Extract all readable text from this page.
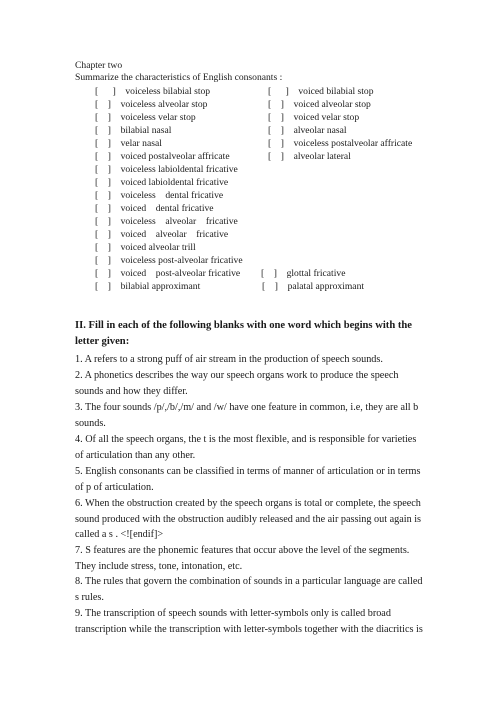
Chapter two
Summarize the characteristics of English consonants :
[      ]    voiceless bilabial stop	[      ]    voiced bilabial stop
[    ]    voiceless alveolar stop	[    ]    voiced alveolar stop
[    ]    voiceless velar stop	[    ]    voiced velar stop
[    ]    bilabial nasal	[    ]    alveolar nasal
[    ]    velar nasal	[    ]    voiceless postalveolar affricate
[    ]    voiced postalveolar affricate	[    ]    alveolar lateral
[    ]    voiceless labioldental fricative
[    ]    voiced labioldental fricative
[    ]    voiceless    dental fricative
[    ]    voiced    dental fricative
[    ]    voiceless    alveolar    fricative
[    ]    voiced    alveolar    fricative
[    ]    voiced alveolar trill
[    ]    voiceless post-alveolar fricative
[    ]    voiced    post-alveolar fricative [    ]    glottal fricative
[    ]    bilabial approximant	[    ]    palatal approximant
II. Fill in each of the following blanks with one word which begins with the letter given:
1. A refers to a strong puff of air stream in the production of speech sounds.
2. A phonetics describes the way our speech organs work to produce the speech sounds and how they differ.
3. The four sounds /p/,/b/,/m/ and /w/ have one feature in common, i.e, they are all b sounds.
4. Of all the speech organs, the t is the most flexible, and is responsible for varieties of articulation than any other.
5. English consonants can be classified in terms of manner of articulation or in terms of p of articulation.
6. When the obstruction created by the speech organs is total or complete, the speech sound produced with the obstruction audibly released and the air passing out again is called a s . <![endif]>
7. S features are the phonemic features that occur above the level of the segments. They include stress, tone, intonation, etc.
8. The rules that govern the combination of sounds in a particular language are called s rules.
9. The transcription of speech sounds with letter-symbols only is called broad transcription while the transcription with letter-symbols together with the diacritics is
